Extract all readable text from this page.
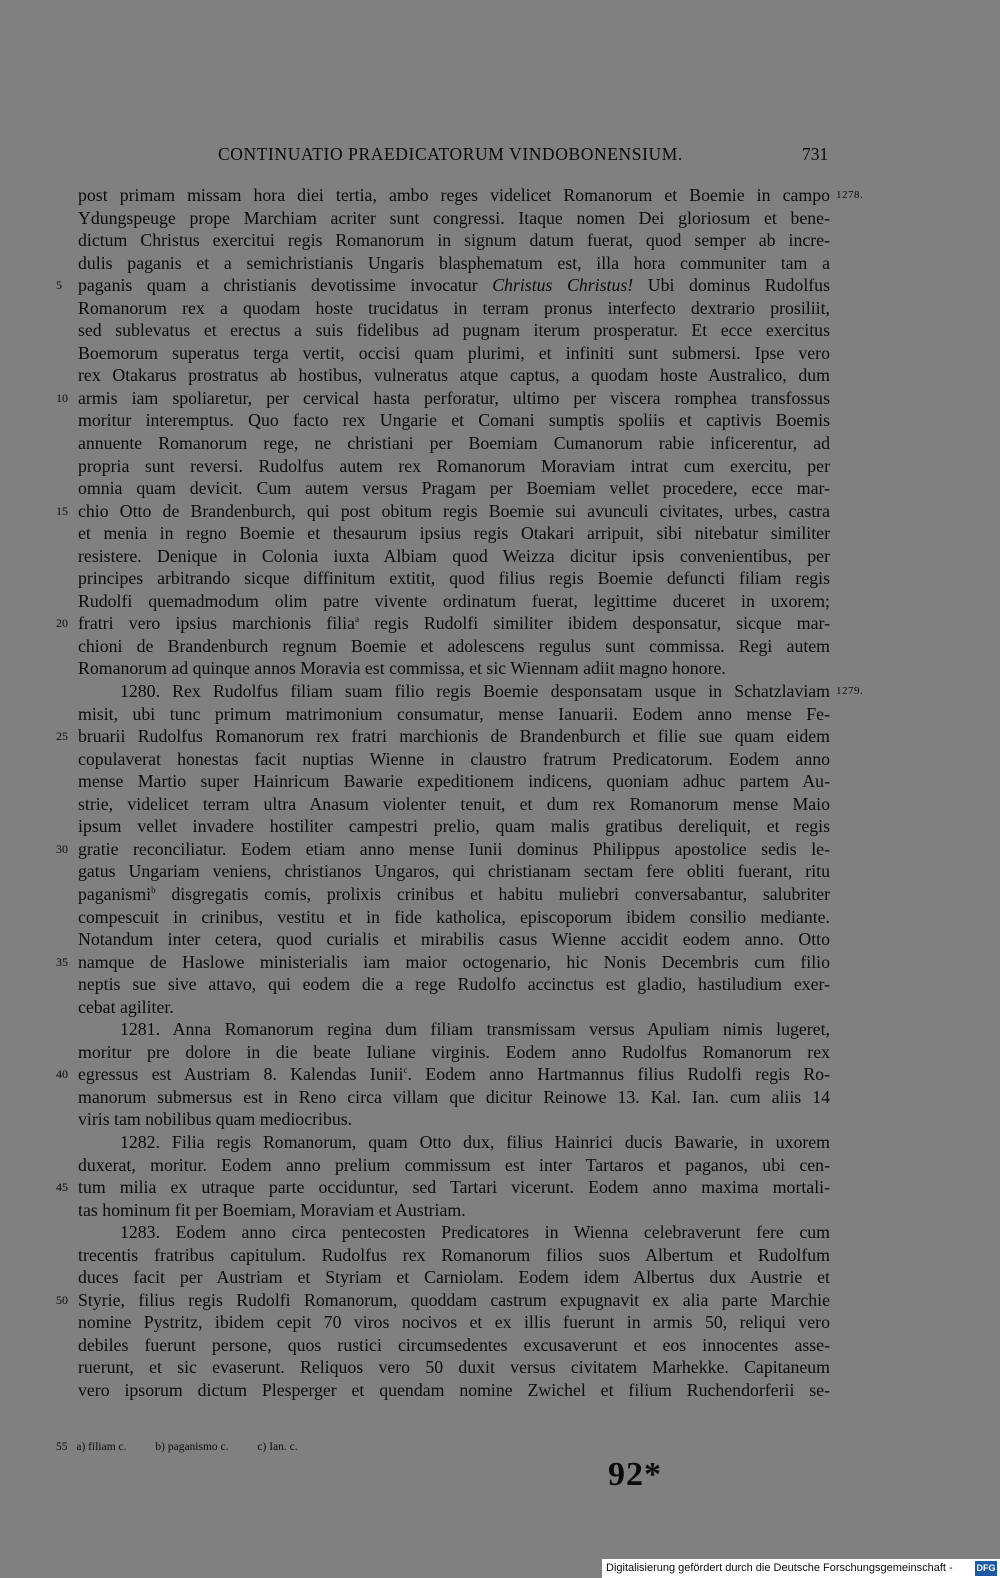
CONTINUATIO PRAEDICATORUM VINDOBONENSIUM.	731
post primam missam hora diei tertia, ambo reges videlicet Romanorum et Boemie in campo 1278.
Ydungspeuge prope Marchiam acriter sunt congressi. Itaque nomen Dei gloriosum et bene-
dictum Christus exercitui regis Romanorum in signum datum fuerat, quod semper ab incre-
dulis paganis et a semichristianis Ungaris blasphematum est, illa hora communiter tam a
5 paganis quam a christianis devotissime invocatur Christus Christus! Ubi dominus Rudolfus
Romanorum rex a quodam hoste trucidatus in terram pronus interfecto dextrario prosiliit,
sed sublevatus et erectus a suis fidelibus ad pugnam iterum prosperatur. Et ecce exercitus
Boemorum superatus terga vertit, occisi quam plurimi, et infiniti sunt submersi. Ipse vero
rex Otakarus prostratus ab hostibus, vulneratus atque captus, a quodam hoste Australico, dum
10 armis iam spoliaretur, per cervical hasta perforatur, ultimo per viscera romphea transfossus
moritur interemptus. Quo facto rex Ungarie et Comani sumptis spoliis et captivis Boemis
annuente Romanorum rege, ne christiani per Boemiam Cumanorum rabie inficerentur, ad
propria sunt reversi. Rudolfus autem rex Romanorum Moraviam intrat cum exercitu, per
omnia quam devicit. Cum autem versus Pragam per Boemiam vellet procedere, ecce mar-
15 chio Otto de Brandenburch, qui post obitum regis Boemie sui avunculi civitates, urbes, castra
et menia in regno Boemie et thesaurum ipsius regis Otakari arripuit, sibi nitebatur similiter
resistere. Denique in Colonia iuxta Albiam quod Weizza dicitur ipsis convenientibus, per
principes arbitrando sicque diffinitum extitit, quod filius regis Boemie defuncti filiam regis
Rudolfi quemadmodum olim patre vivente ordinatum fuerat, legittime duceret in uxorem;
20 fratri vero ipsius marchionis filia$^a$ regis Rudolfi similiter ibidem desponsatur, sicque mar-
chioni de Brandenburch regnum Boemie et adolescens regulus sunt commissa. Regi autem
Romanorum ad quinque annos Moravia est commissa, et sic Wiennam adiit magno honore.
1280. Rex Rudolfus filiam suam filio regis Boemie desponsatam usque in Schatzlaviam 1279.
misit, ubi tunc primum matrimonium consumatur, mense Ianuarii. Eodem anno mense Fe-
25 bruarii Rudolfus Romanorum rex fratri marchionis de Brandenburch et filie sue quam eidem
copulaverat honestas facit nuptias Wienne in claustro fratrum Predicatorum. Eodem anno
mense Martio super Hainricum Bawarie expeditionem indicens, quoniam adhuc partem Au-
strie, videlicet terram ultra Anasum violenter tenuit, et dum rex Romanorum mense Maio
ipsum vellet invadere hostiliter campestri prelio, quam malis gratibus dereliquit, et regis
30 gratie reconciliatur. Eodem etiam anno mense Iunii dominus Philippus apostolice sedis le-
gatus Ungariam veniens, christianos Ungaros, qui christianam sectam fere obliti fuerant, ritu
paganismi$^b$ disgregatis comis, prolixis crinibus et habitu muliebri conversabantur, salubriter
compescuit in crinibus, vestitu et in fide katholica, episcoporum ibidem consilio mediante.
Notandum inter cetera, quod curialis et mirabilis casus Wienne accidit eodem anno. Otto
35 namque de Haslowe ministerialis iam maior octogenario, hic Nonis Decembris cum filio
neptis sue sive attavo, qui eodem die a rege Rudolfo accinctus est gladio, hastiludium exer-
cebat agiliter.
1281. Anna Romanorum regina dum filiam transmissam versus Apuliam nimis lugeret,
moritur pre dolore in die beate Iuliane virginis. Eodem anno Rudolfus Romanorum rex
40 egressus est Austriam 8. Kalendas Iunii$^c$. Eodem anno Hartmannus filius Rudolfi regis Ro-
manorum submersus est in Reno circa villam que dicitur Reinowe 13. Kal. Ian. cum aliis 14
viris tam nobilibus quam mediocribus.
1282. Filia regis Romanorum, quam Otto dux, filius Hainrici ducis Bawarie, in uxorem
duxerat, moritur. Eodem anno prelium commissum est inter Tartaros et paganos, ubi cen-
45 tum milia ex utraque parte occiduntur, sed Tartari vicerunt. Eodem anno maxima mortali-
tas hominum fit per Boemiam, Moraviam et Austriam.
1283. Eodem anno circa pentecosten Predicatores in Wienna celebraverunt fere cum
trecentis fratribus capitulum. Rudolfus rex Romanorum filios suos Albertum et Rudolfum
duces facit per Austriam et Styriam et Carniolam. Eodem idem Albertus dux Austrie et
50 Styrie, filius regis Rudolfi Romanorum, quoddam castrum expugnavit ex alia parte Marchie
nomine Pystritz, ibidem cepit 70 viros nocivos et ex illis fuerunt in armis 50, reliqui vero
debiles fuerunt persone, quos rustici circumsedentes excusaverunt et eos innocentes asse-
ruerunt, et sic evaserunt. Reliquos vero 50 duxit versus civitatem Marhekke. Capitaneum
vero ipsorum dictum Plesperger et quendam nomine Zwichel et filium Ruchendorferii se-
55 a) filiam c.	b) paganismo c.	c) Ian. c.
92*
Digitalisierung gefördert durch die Deutsche Forschungsgemeinschaft -	DFG
